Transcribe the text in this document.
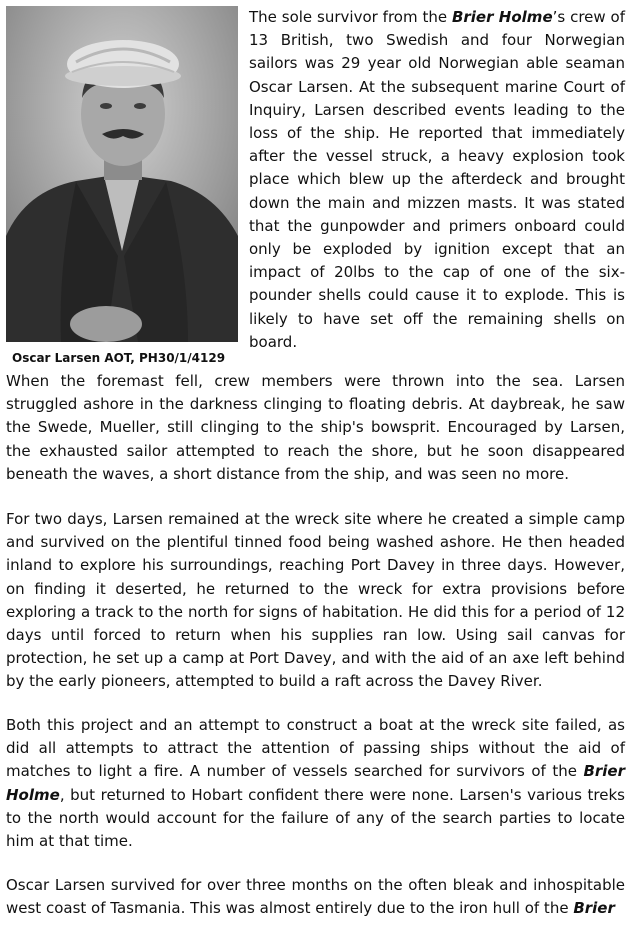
Oscar Larsen AOT, PH30/1/4129
The sole survivor from the Brier Holme’s crew of 13 British, two Swedish and four Norwegian sailors was 29 year old Norwegian able seaman Oscar Larsen. At the subsequent marine Court of Inquiry, Larsen described events leading to the loss of the ship. He reported that immediately after the vessel struck, a heavy explosion took place which blew up the afterdeck and brought down the main and mizzen masts. It was stated that the gunpowder and primers onboard could only be exploded by ignition except that an impact of 20lbs to the cap of one of the six-pounder shells could cause it to explode. This is likely to have set off the remaining shells on board.

When the foremast fell, crew members were thrown into the sea. Larsen struggled ashore in the darkness clinging to floating debris. At daybreak, he saw the Swede, Mueller, still clinging to the ship's bowsprit. Encouraged by Larsen, the exhausted sailor attempted to reach the shore, but he soon disappeared beneath the waves, a short distance from the ship, and was seen no more.

For two days, Larsen remained at the wreck site where he created a simple camp and survived on the plentiful tinned food being washed ashore. He then headed inland to explore his surroundings, reaching Port Davey in three days. However, on finding it deserted, he returned to the wreck for extra provisions before exploring a track to the north for signs of habitation. He did this for a period of 12 days until forced to return when his supplies ran low. Using sail canvas for protection, he set up a camp at Port Davey, and with the aid of an axe left behind by the early pioneers, attempted to build a raft across the Davey River.

Both this project and an attempt to construct a boat at the wreck site failed, as did all attempts to attract the attention of passing ships without the aid of matches to light a fire. A number of vessels searched for survivors of the Brier Holme, but returned to Hobart confident there were none. Larsen's various treks to the north would account for the failure of any of the search parties to locate him at that time.

Oscar Larsen survived for over three months on the often bleak and inhospitable west coast of Tasmania. This was almost entirely due to the iron hull of the Brier
